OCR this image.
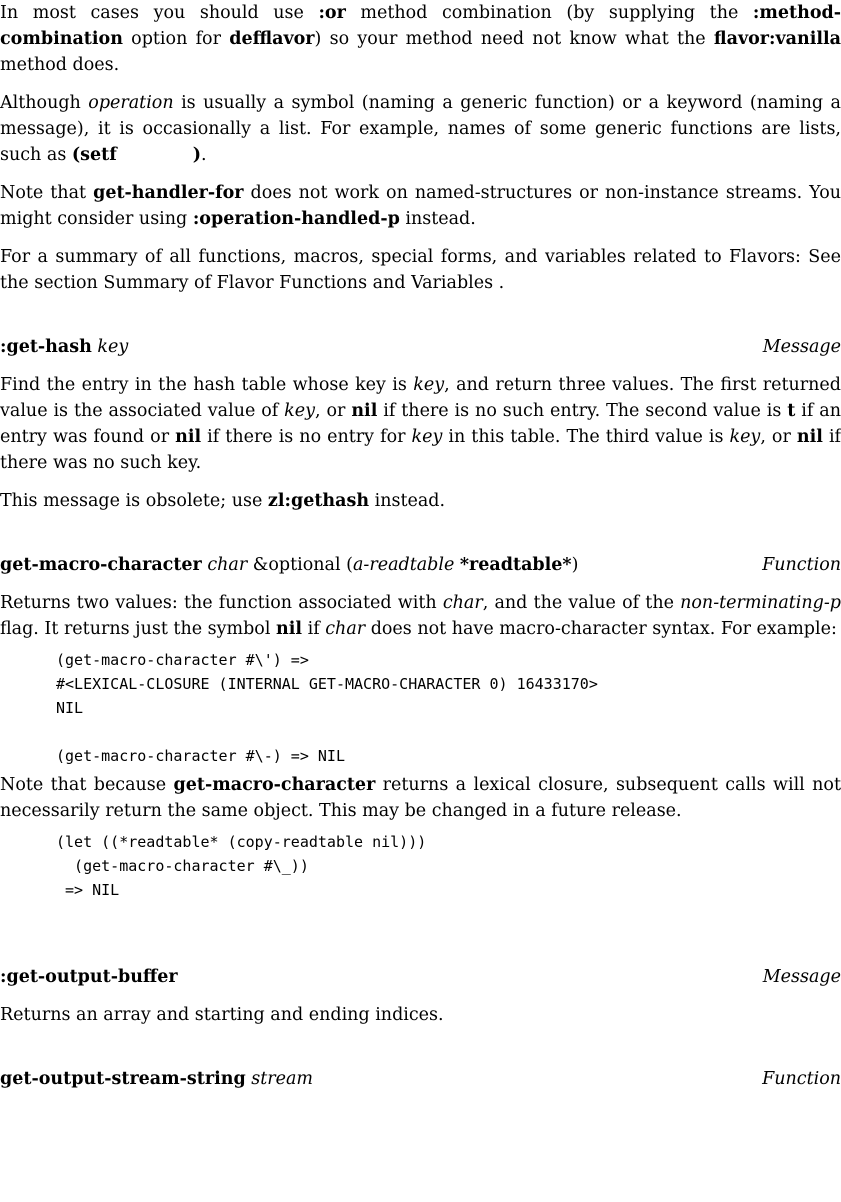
In most cases you should use :or method combination (by supplying the :method-combination option for defflavor) so your method need not know what the flavor:vanilla method does.

Although operation is usually a symbol (naming a generic function) or a keyword (naming a message), it is occasionally a list. For example, names of some generic functions are lists, such as (setf	).

Note that get-handler-for does not work on named-structures or non-instance streams. You might consider using :operation-handled-p instead.

For a summary of all functions, macros, special forms, and variables related to Flavors: See the section Summary of Flavor Functions and Variables .

:get-hash key	Message

Find the entry in the hash table whose key is key, and return three values. The first returned value is the associated value of key, or nil if there is no such entry. The second value is t if an entry was found or nil if there is no entry for key in this table. The third value is key, or nil if there was no such key.

This message is obsolete; use zl:gethash instead.

get-macro-character char &optional (a-readtable *readtable*)	Function

Returns two values: the function associated with char, and the value of the non-terminating-p flag. It returns just the symbol nil if char does not have macro-character syntax. For example:

(get-macro-character #\') =>
#<LEXICAL-CLOSURE (INTERNAL GET-MACRO-CHARACTER 0) 16433170>
NIL

(get-macro-character #\-) => NIL

Note that because get-macro-character returns a lexical closure, subsequent calls will not necessarily return the same object. This may be changed in a future release.

(let ((*readtable* (copy-readtable nil)))
(get-macro-character #\_))
=> NIL
:get-output-buffer	Message

Returns an array and starting and ending indices.

get-output-stream-string stream	Function
